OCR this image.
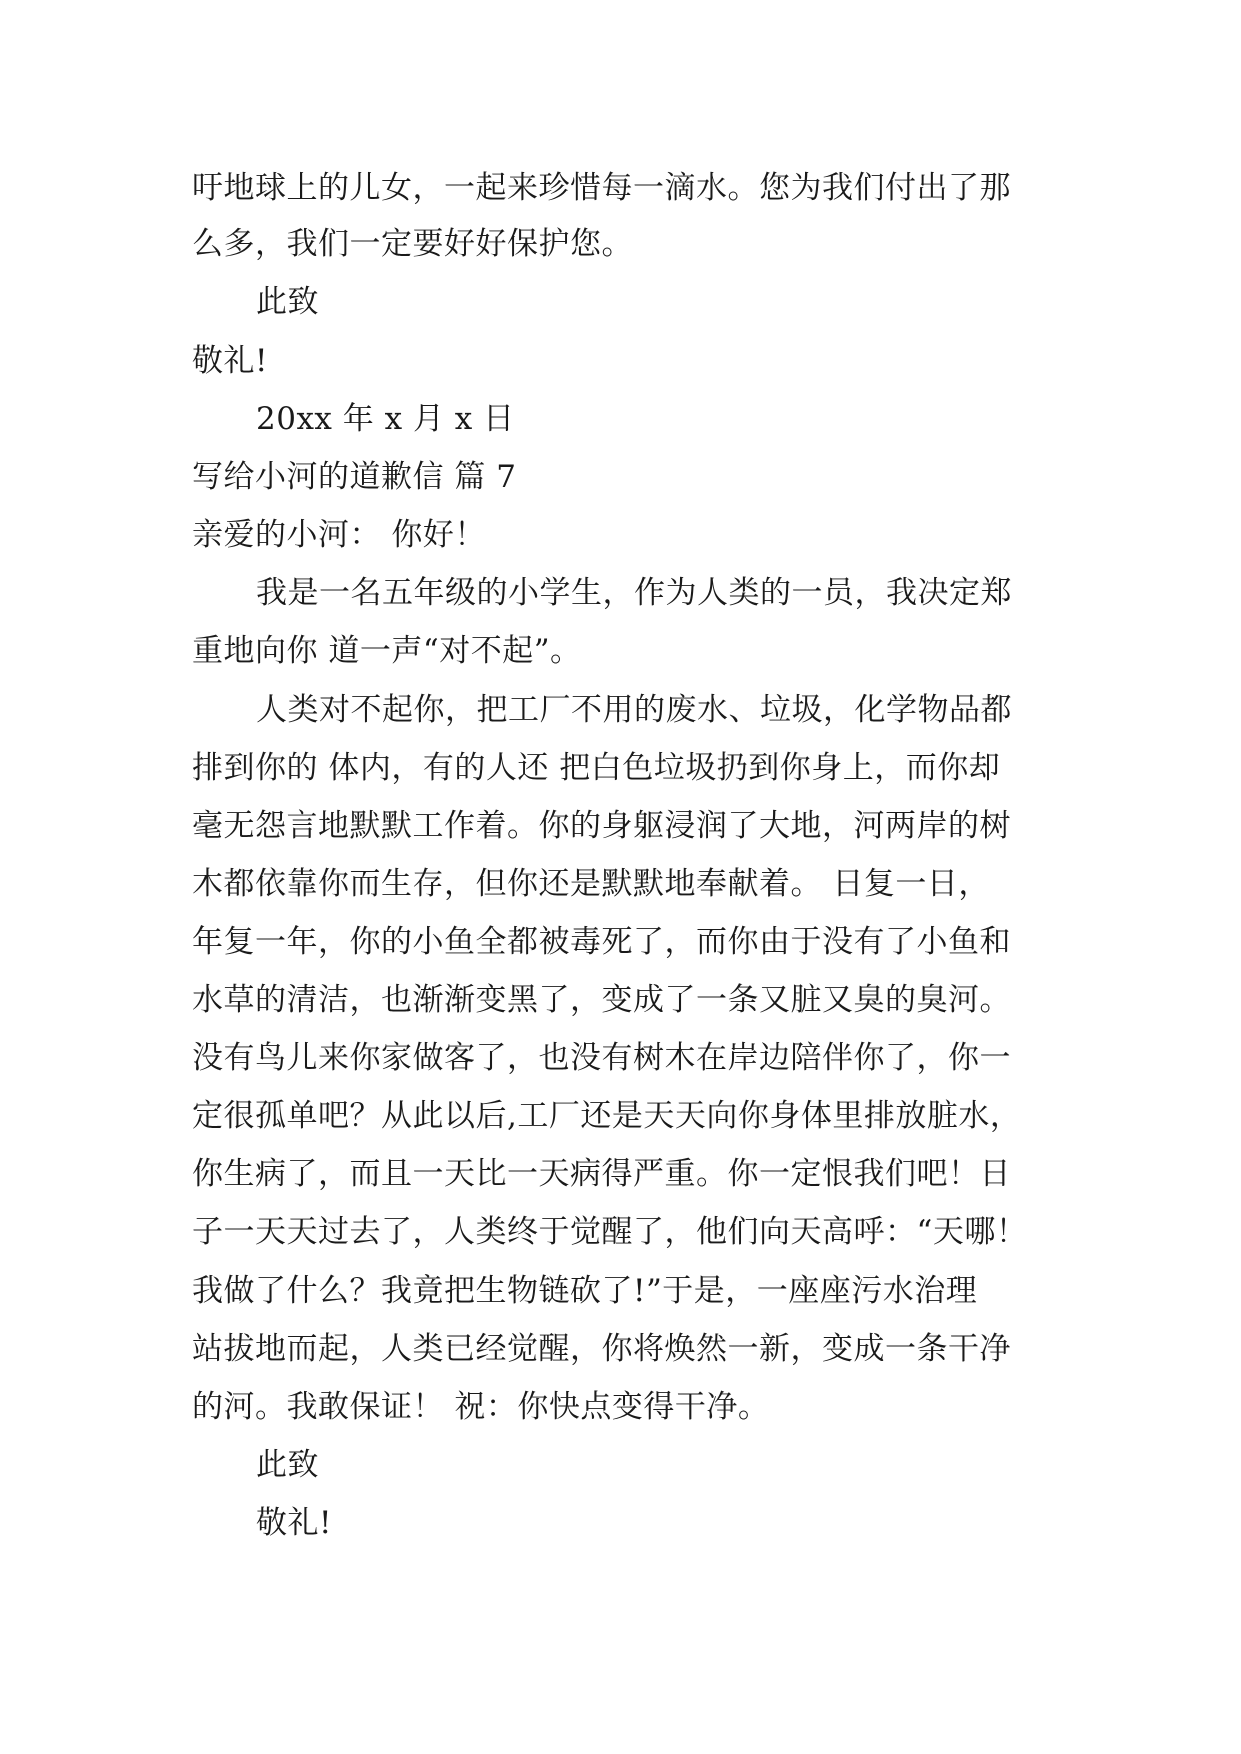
吁地球上的儿女，一起来珍惜每一滴水。您为我们付出了那
么多，我们一定要好好保护您。
此致
敬礼!
20xx 年 x 月 x 日
写给小河的道歉信 篇 7
亲爱的小河： 你好！
我是一名五年级的小学生，作为人类的一员，我决定郑
重地向你 道一声“对不起”。
人类对不起你，把工厂不用的废水、垃圾，化学物品都
排到你的 体内，有的人还 把白色垃圾扔到你身上，而你却
毫无怨言地默默工作着。你的身躯浸润了大地，河两岸的树
木都依靠你而生存，但你还是默默地奉献着。 日复一日，
年复一年，你的小鱼全都被毒死了，而你由于没有了小鱼和
水草的清洁，也渐渐变黑了，变成了一条又脏又臭的臭河。
没有鸟儿来你家做客了，也没有树木在岸边陪伴你了，你一
定很孤单吧？从此以后,工厂还是天天向你身体里排放脏水，
你生病了，而且一天比一天病得严重。你一定恨我们吧！日
子一天天过去了，人类终于觉醒了，他们向天高呼：“天哪！
我做了什么？我竟把生物链砍了!”于是，一座座污水治理
站拔地而起，人类已经觉醒，你将焕然一新，变成一条干净
的河。我敢保证！ 祝：你快点变得干净。
此致
敬礼!
